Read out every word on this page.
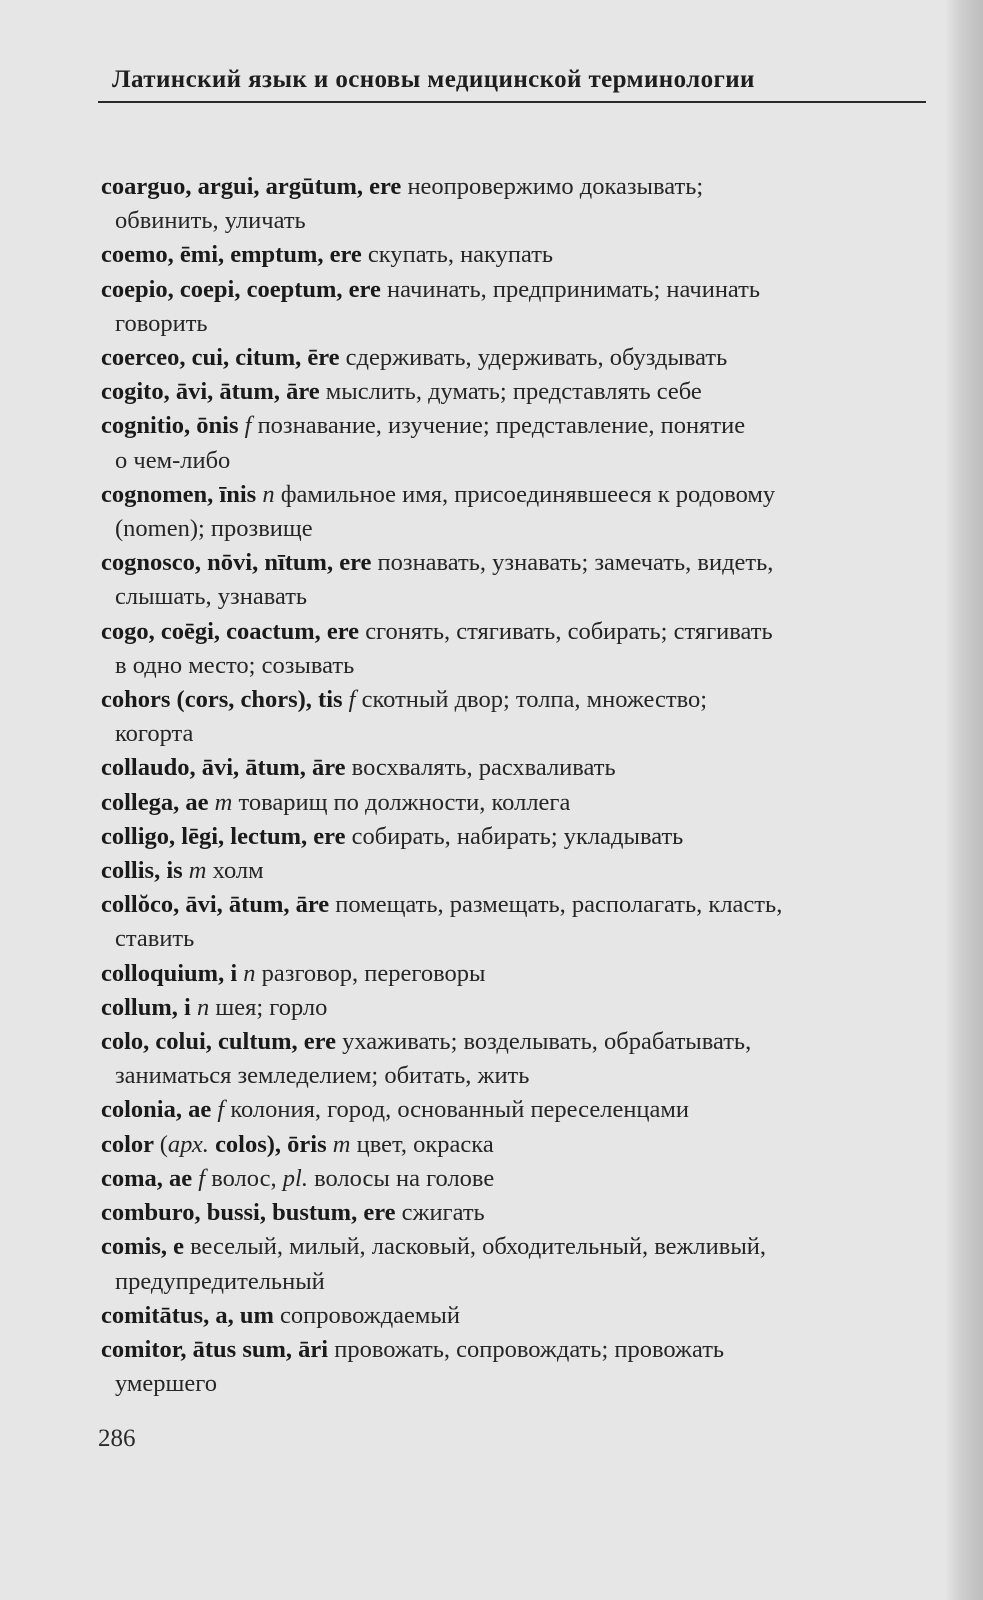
Латинский язык и основы медицинской терминологии
coarguo, argui, argūtum, ere неопровержимо доказывать;
обвинить, уличать
coemo, ēmi, emptum, ere скупать, накупать
coepio, coepi, coeptum, ere начинать, предпринимать; начинать
говорить
coerceo, cui, citum, ēre сдерживать, удерживать, обуздывать
cogito, āvi, ātum, āre мыслить, думать; представлять себе
cognitio, ōnis f познавание, изучение; представление, понятие
о чем-либо
cognomen, īnis n фамильное имя, присоединявшееся к родовому
(nomen); прозвище
cognosco, nōvi, nītum, ere познавать, узнавать; замечать, видеть,
слышать, узнавать
cogo, coēgi, coactum, ere сгонять, стягивать, собирать; стягивать
в одно место; созывать
cohors (cors, chors), tis f скотный двор; толпа, множество;
когорта
collaudo, āvi, ātum, āre восхвалять, расхваливать
collega, ae m товарищ по должности, коллега
colligo, lēgi, lectum, ere собирать, набирать; укладывать
collis, is m холм
collŏco, āvi, ātum, āre помещать, размещать, располагать, класть,
ставить
colloquium, i n разговор, переговоры
collum, i n шея; горло
colo, colui, cultum, ere ухаживать; возделывать, обрабатывать,
заниматься земледелием; обитать, жить
colonia, ae f колония, город, основанный переселенцами
color (арх. colos), ōris m цвет, окраска
coma, ae f волос, pl. волосы на голове
comburo, bussi, bustum, ere сжигать
comis, e веселый, милый, ласковый, обходительный, вежливый,
предупредительный
comitātus, a, um сопровождаемый
comitor, ātus sum, āri провожать, сопровождать; провожать
умершего
286
